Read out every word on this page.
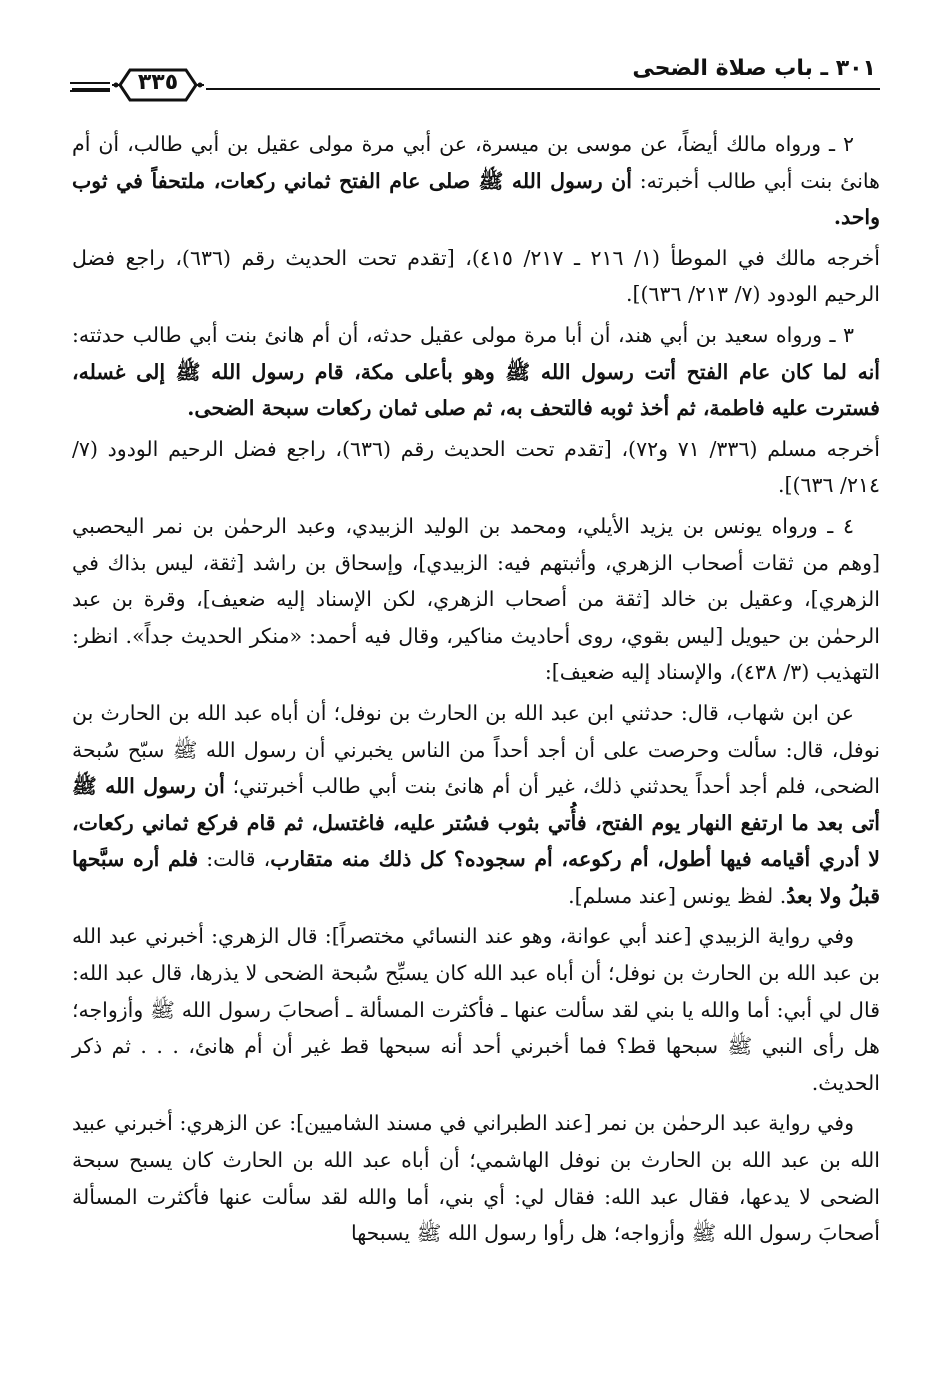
٣٠١ ـ باب صلاة الضحى
٣٣٥

٢ ـ ورواه مالك أيضاً، عن موسى بن ميسرة، عن أبي مرة مولى عقيل بن أبي طالب، أن أم هانئ بنت أبي طالب أخبرته: أن رسول الله ﷺ صلى عام الفتح ثماني ركعات، ملتحفاً في ثوب واحد.

أخرجه مالك في الموطأ (١/ ٢١٦ ـ ٢١٧/ ٤١٥)، [تقدم تحت الحديث رقم (٦٣٦)، راجع فضل الرحيم الودود (٧/ ٢١٣/ ٦٣٦)].

٣ ـ ورواه سعيد بن أبي هند، أن أبا مرة مولى عقيل حدثه، أن أم هانئ بنت أبي طالب حدثته: أنه لما كان عام الفتح أتت رسول الله ﷺ وهو بأعلى مكة، قام رسول الله ﷺ إلى غسله، فسترت عليه فاطمة، ثم أخذ ثوبه فالتحف به، ثم صلى ثمان ركعات سبحة الضحى.

أخرجه مسلم (٣٣٦/ ٧١ و٧٢)، [تقدم تحت الحديث رقم (٦٣٦)، راجع فضل الرحيم الودود (٧/ ٢١٤/ ٦٣٦)].

٤ ـ ورواه يونس بن يزيد الأيلي، ومحمد بن الوليد الزبيدي، وعبد الرحمٰن بن نمر اليحصبي [وهم من ثقات أصحاب الزهري، وأثبتهم فيه: الزبيدي]، وإسحاق بن راشد [ثقة، ليس بذاك في الزهري]، وعقيل بن خالد [ثقة من أصحاب الزهري، لكن الإسناد إليه ضعيف]، وقرة بن عبد الرحمٰن بن حيويل [ليس بقوي، روى أحاديث مناكير، وقال فيه أحمد: «منكر الحديث جداً». انظر: التهذيب (٣/ ٤٣٨)، والإسناد إليه ضعيف]:

عن ابن شهاب، قال: حدثني ابن عبد الله بن الحارث بن نوفل؛ أن أباه عبد الله بن الحارث بن نوفل، قال: سألت وحرصت على أن أجد أحداً من الناس يخبرني أن رسول الله ﷺ سبّح سُبحة الضحى، فلم أجد أحداً يحدثني ذلك، غير أن أم هانئ بنت أبي طالب أخبرتني؛ أن رسول الله ﷺ أتى بعد ما ارتفع النهار يوم الفتح، فأُتي بثوب فسُتر عليه، فاغتسل، ثم قام فركع ثماني ركعات، لا أدري أقيامه فيها أطول، أم ركوعه، أم سجوده؟ كل ذلك منه متقارب، قالت: فلم أره سبَّحها قبلُ ولا بعدُ. لفظ يونس [عند مسلم].

وفي رواية الزبيدي [عند أبي عوانة، وهو عند النسائي مختصراً]: قال الزهري: أخبرني عبد الله بن عبد الله بن الحارث بن نوفل؛ أن أباه عبد الله كان يسبِّح سُبحة الضحى لا يذرها، قال عبد الله: قال لي أبي: أما والله يا بني لقد سألت عنها ـ فأكثرت المسألة ـ أصحابَ رسول الله ﷺ وأزواجه؛ هل رأى النبي ﷺ سبحها قط؟ فما أخبرني أحد أنه سبحها قط غير أن أم هانئ، . . . ثم ذكر الحديث.

وفي رواية عبد الرحمٰن بن نمر [عند الطبراني في مسند الشاميين]: عن الزهري: أخبرني عبيد الله بن عبد الله بن الحارث بن نوفل الهاشمي؛ أن أباه عبد الله بن الحارث كان يسبح سبحة الضحى لا يدعها، فقال عبد الله: فقال لي: أي بني، أما والله لقد سألت عنها فأكثرت المسألة أصحابَ رسول الله ﷺ وأزواجه؛ هل رأوا رسول الله ﷺ يسبحها
